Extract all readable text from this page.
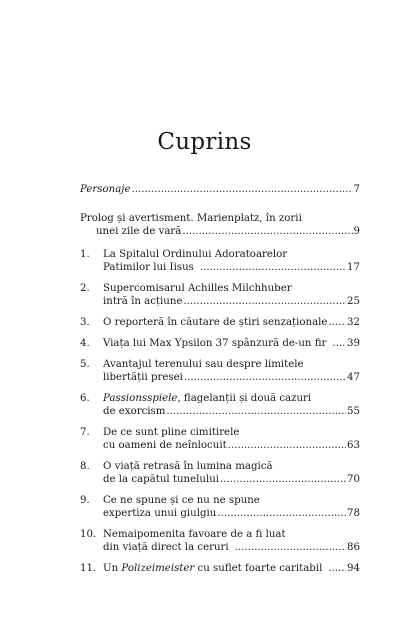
Cuprins
Personaje .....	7
Prolog și avertisment. Marienplatz, în zorii
unei zile de vară .....	9
1.	La Spitalul Ordinului Adoratoarelor
Patimilor lui Iisus .....	17
2.	Supercomisarul Achilles Milchhuber
intră în acțiune .....	25
3.	O reporteră în căutare de știri senzaționale ..... 32
4.	Viața lui Max Ypsilon 37 spânzură de-un fir ..... 39
5.	Avantajul terenului sau despre limitele
libertății presei .....	47
6.	Passionsspiele, flagelanții și două cazuri
de exorcism .....	55
7.	De ce sunt pline cimitirele
cu oameni de neînlocuit .....	63
8.	O viață retrasă în lumina magică
de la capătul tunelului .....	70
9.	Ce ne spune și ce nu ne spune
expertiza unui giulgiu .....	78
10. Nemaipomenita favoare de a fi luat
din viață direct la ceruri .....	86
11. Un Polizeimeister cu suflet foarte caritabil ..... 94
